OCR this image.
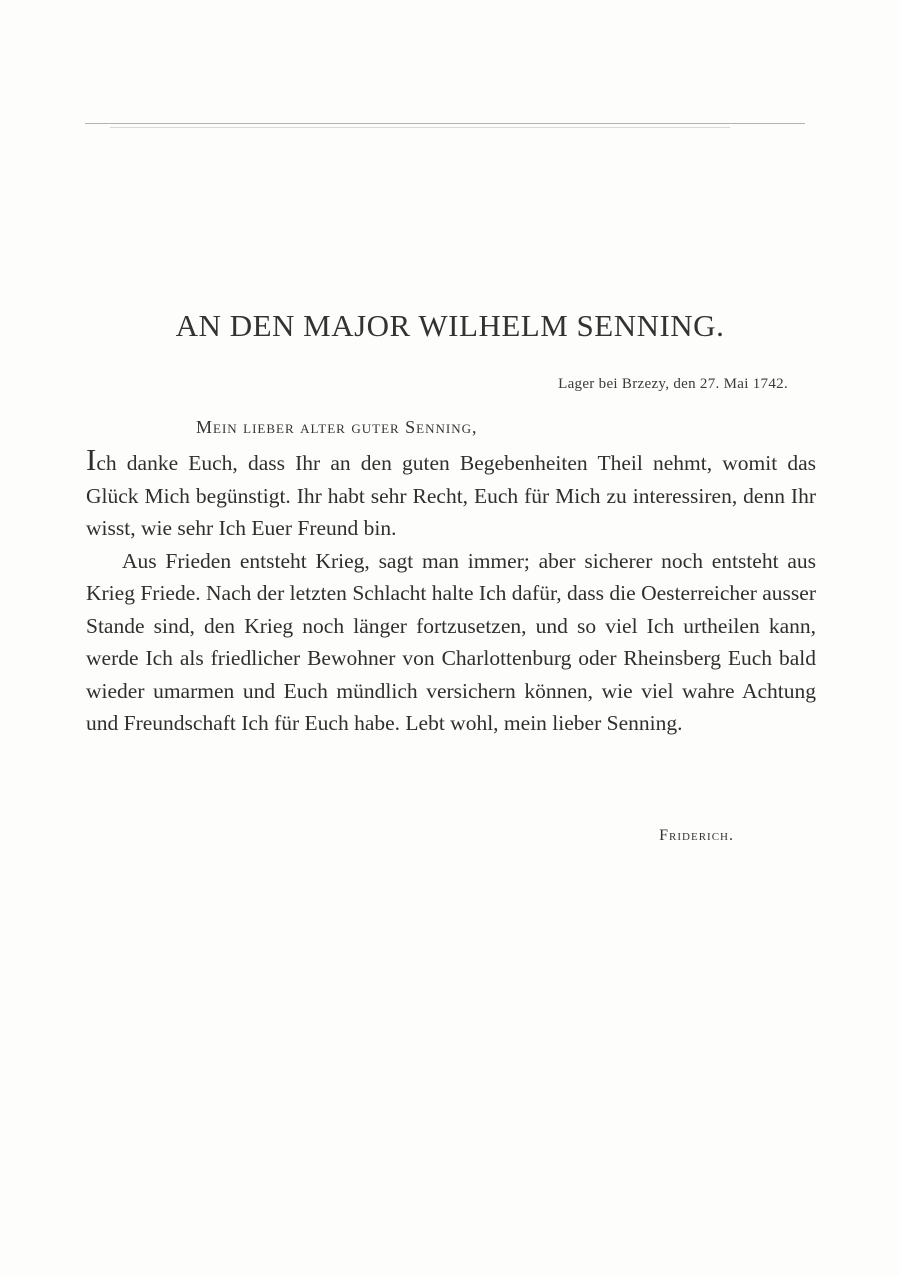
AN DEN MAJOR WILHELM SENNING.
Lager bei Brzezy, den 27. Mai 1742.
Mein lieber alter guter Senning,

Ich danke Euch, dass Ihr an den guten Begebenheiten Theil nehmt, womit das Glück Mich begünstigt. Ihr habt sehr Recht, Euch für Mich zu interessiren, denn Ihr wisst, wie sehr Ich Euer Freund bin.

Aus Frieden entsteht Krieg, sagt man immer; aber sicherer noch entsteht aus Krieg Friede. Nach der letzten Schlacht halte Ich dafür, dass die Oesterreicher ausser Stande sind, den Krieg noch länger fortzusetzen, und so viel Ich urtheilen kann, werde Ich als friedlicher Bewohner von Charlottenburg oder Rheinsberg Euch bald wieder umarmen und Euch mündlich versichern können, wie viel wahre Achtung und Freundschaft Ich für Euch habe. Lebt wohl, mein lieber Senning.

Friderich.
